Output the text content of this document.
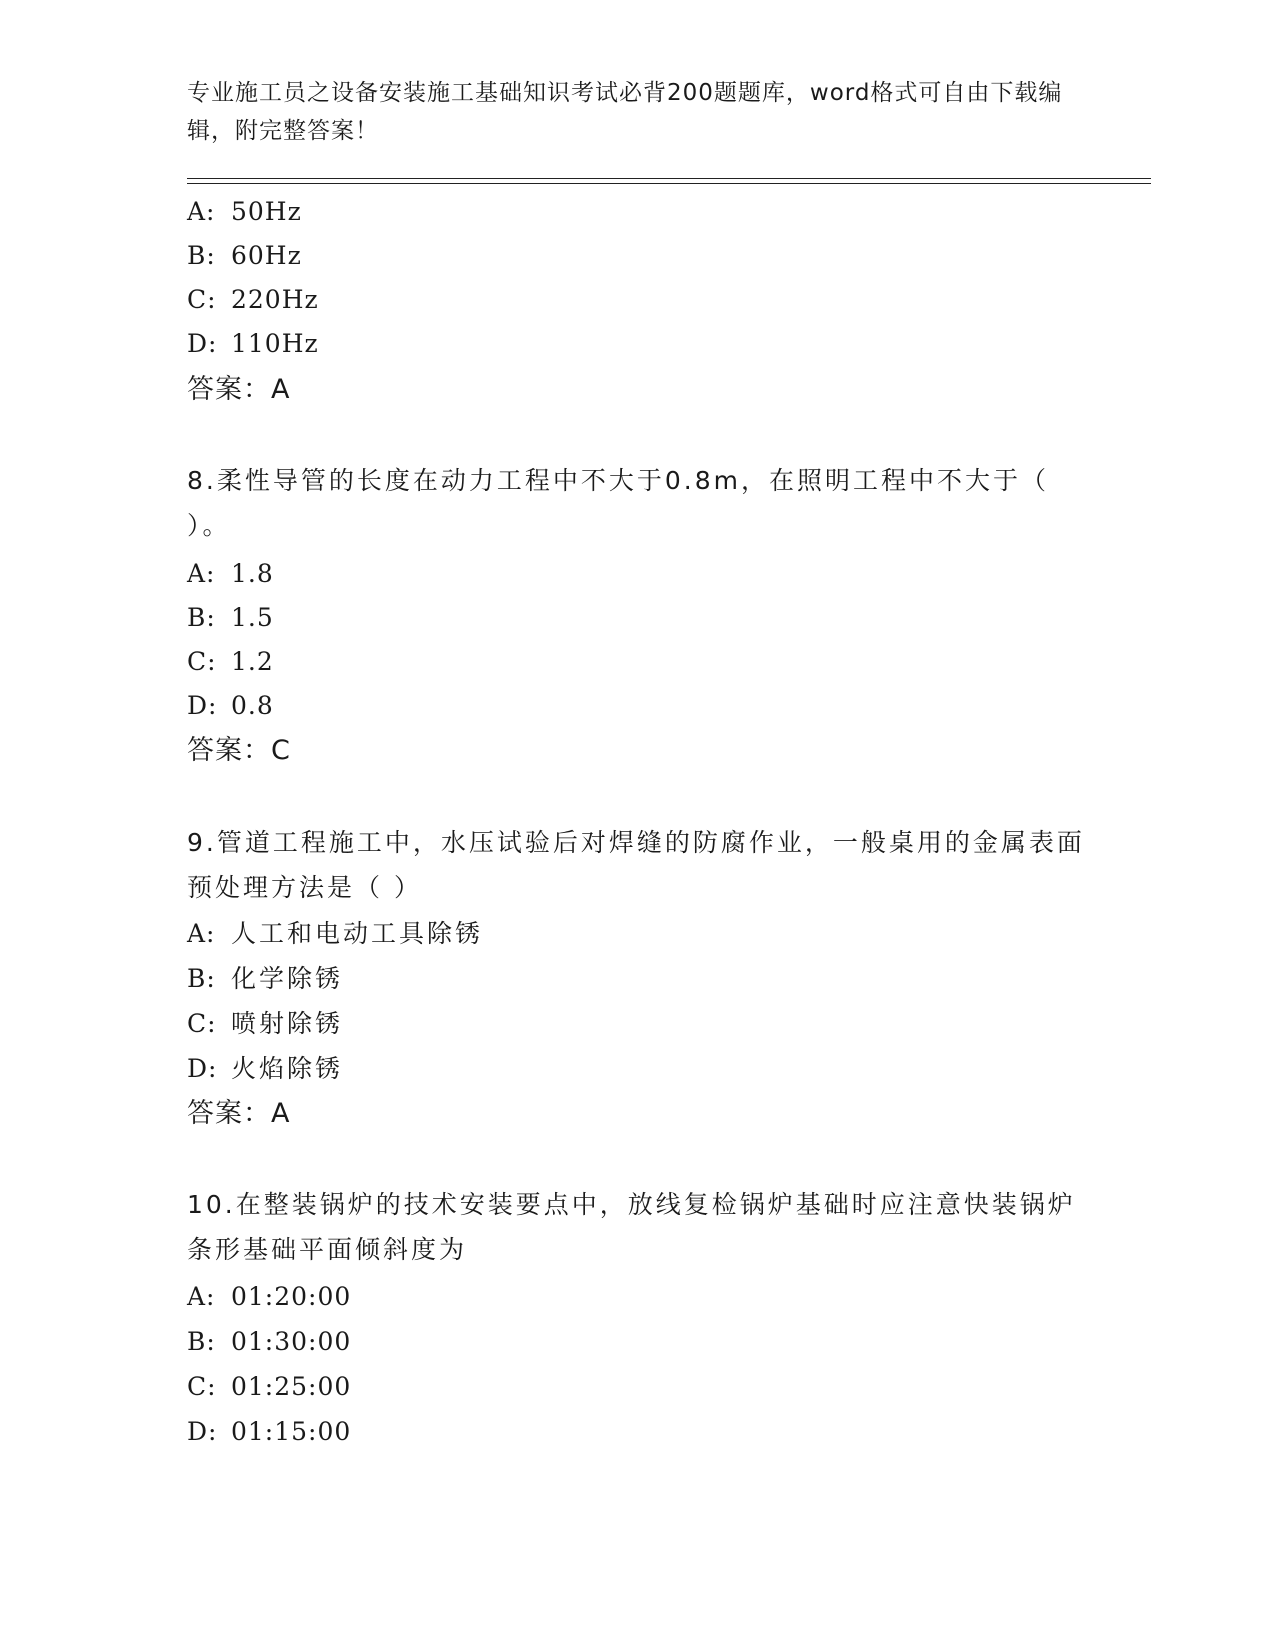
专业施工员之设备安装施工基础知识考试必背200题题库，word格式可自由下载编辑，附完整答案！
A: 50Hz
B: 60Hz
C: 220Hz
D: 110Hz
答案：A
8.柔性导管的长度在动力工程中不大于0.8m，在照明工程中不大于（ ）。
A: 1.8
B: 1.5
C: 1.2
D: 0.8
答案：C
9.管道工程施工中，水压试验后对焊缝的防腐作业，一般桌用的金属表面预处理方法是（ ）
A: 人工和电动工具除锈
B: 化学除锈
C: 喷射除锈
D: 火焰除锈
答案：A
10.在整装锅炉的技术安装要点中，放线复检锅炉基础时应注意快装锅炉条形基础平面倾斜度为
A: 01:20:00
B: 01:30:00
C: 01:25:00
D: 01:15:00
